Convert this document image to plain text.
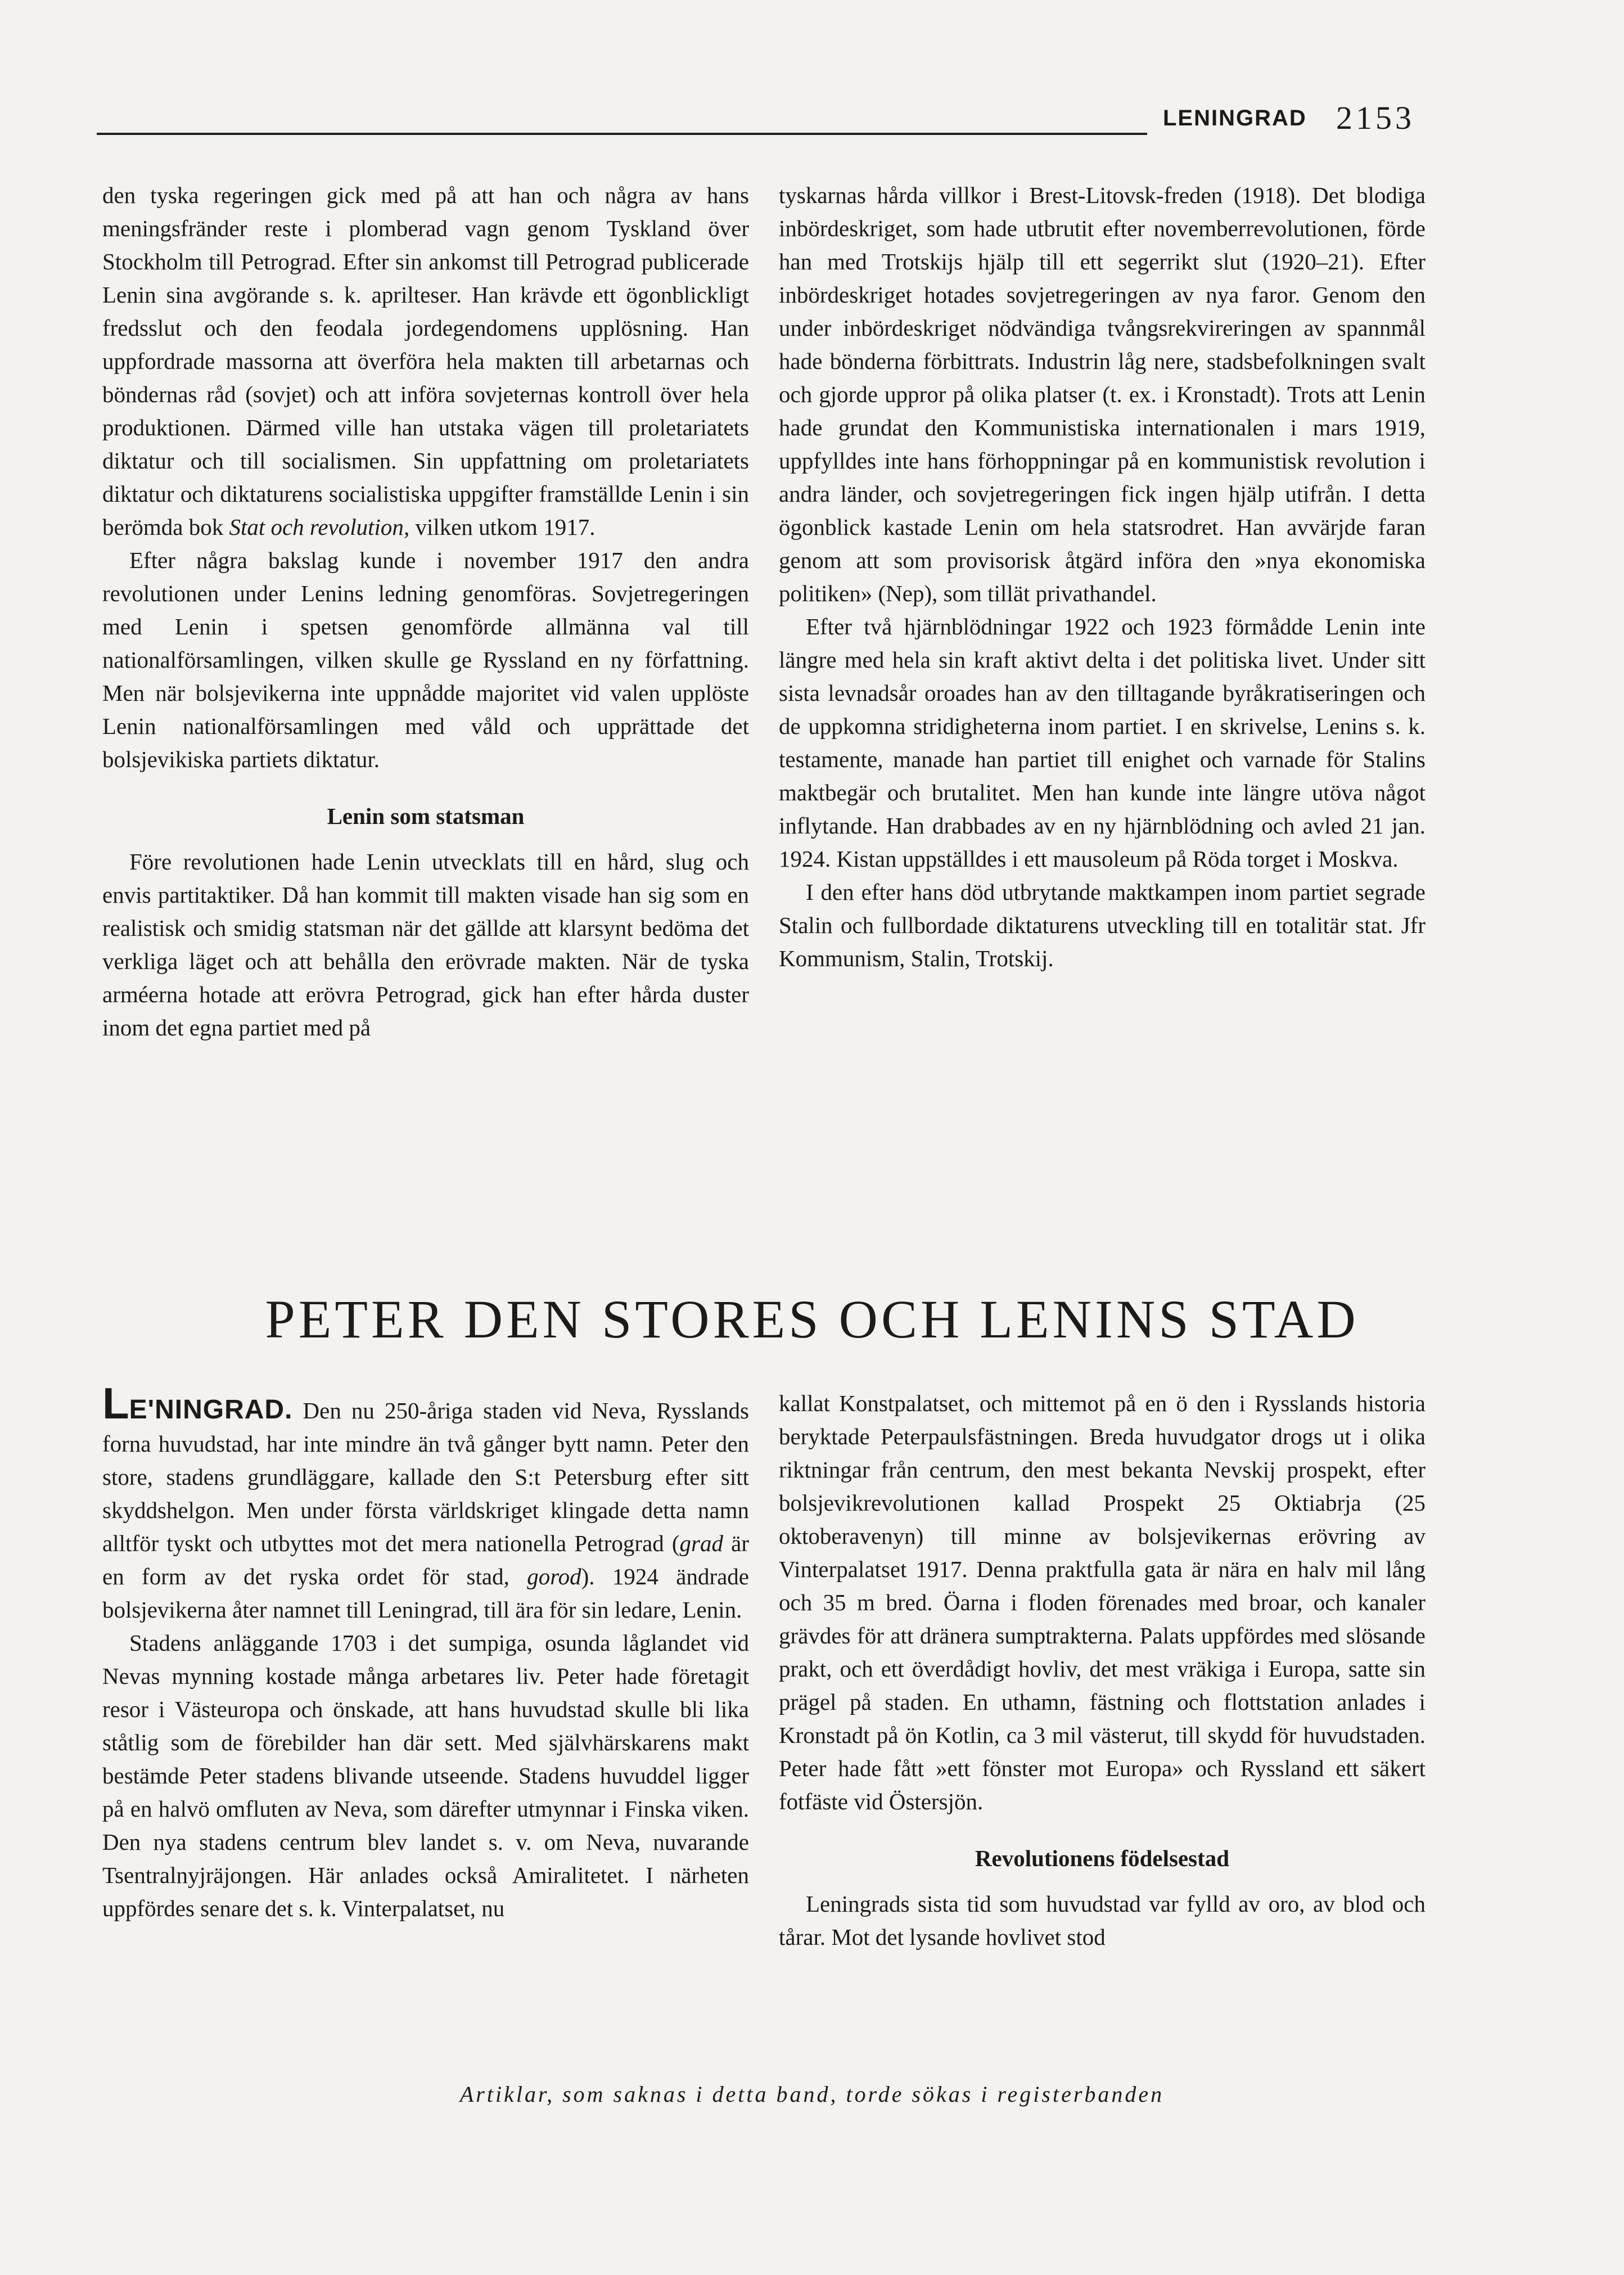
LENINGRAD 2153

den tyska regeringen gick med på att han och några av hans meningsfränder reste i plomberad vagn genom Tyskland över Stockholm till Petrograd. Efter sin ankomst till Petrograd publicerade Lenin sina avgörande s. k. aprilteser. Han krävde ett ögonblickligt fredsslut och den feodala jordegendomens upplösning. Han uppfordrade massorna att överföra hela makten till arbetarnas och böndernas råd (sovjet) och att införa sovjeternas kontroll över hela produktionen. Därmed ville han utstaka vägen till proletariatets diktatur och till socialismen. Sin uppfattning om proletariatets diktatur och diktaturens socialistiska uppgifter framställde Lenin i sin berömda bok Stat och revolution, vilken utkom 1917.

Efter några bakslag kunde i november 1917 den andra revolutionen under Lenins ledning genomföras. Sovjetregeringen med Lenin i spetsen genomförde allmänna val till nationalförsamlingen, vilken skulle ge Ryssland en ny författning. Men när bolsjevikerna inte uppnådde majoritet vid valen upplöste Lenin nationalförsamlingen med våld och upprättade det bolsjevikiska partiets diktatur.

Lenin som statsman

Före revolutionen hade Lenin utvecklats till en hård, slug och envis partitaktiker. Då han kommit till makten visade han sig som en realistisk och smidig statsman när det gällde att klarsynt bedöma det verkliga läget och att behålla den erövrade makten. När de tyska arméerna hotade att erövra Petrograd, gick han efter hårda duster inom det egna partiet med på

tyskarnas hårda villkor i Brest-Litovsk-freden (1918). Det blodiga inbördeskriget, som hade utbrutit efter novemberrevolutionen, förde han med Trotskijs hjälp till ett segerrikt slut (1920–21). Efter inbördeskriget hotades sovjetregeringen av nya faror. Genom den under inbördeskriget nödvändiga tvångsrekvireringen av spannmål hade bönderna förbittrats. Industrin låg nere, stadsbefolkningen svalt och gjorde uppror på olika platser (t. ex. i Kronstadt). Trots att Lenin hade grundat den Kommunistiska internationalen i mars 1919, uppfylldes inte hans förhoppningar på en kommunistisk revolution i andra länder, och sovjetregeringen fick ingen hjälp utifrån. I detta ögonblick kastade Lenin om hela statsrodret. Han avvärjde faran genom att som provisorisk åtgärd införa den »nya ekonomiska politiken» (Nep), som tillät privathandel.

Efter två hjärnblödningar 1922 och 1923 förmådde Lenin inte längre med hela sin kraft aktivt delta i det politiska livet. Under sitt sista levnadsår oroades han av den tilltagande byråkratiseringen och de uppkomna stridigheterna inom partiet. I en skrivelse, Lenins s. k. testamente, manade han partiet till enighet och varnade för Stalins maktbegär och brutalitet. Men han kunde inte längre utöva något inflytande. Han drabbades av en ny hjärnblödning och avled 21 jan. 1924. Kistan uppställdes i ett mausoleum på Röda torget i Moskva.

I den efter hans död utbrytande maktkampen inom partiet segrade Stalin och fullbordade diktaturens utveckling till en totalitär stat. Jfr Kommunism, Stalin, Trotskij.

PETER DEN STORES OCH LENINS STAD

LE'NINGRAD. Den nu 250-åriga staden vid Neva, Rysslands forna huvudstad, har inte mindre än två gånger bytt namn. Peter den store, stadens grundläggare, kallade den S:t Petersburg efter sitt skyddshelgon. Men under första världskriget klingade detta namn alltför tyskt och utbyttes mot det mera nationella Petrograd (grad är en form av det ryska ordet för stad, gorod). 1924 ändrade bolsjevikerna åter namnet till Leningrad, till ära för sin ledare, Lenin.

Stadens anläggande 1703 i det sumpiga, osunda låglandet vid Nevas mynning kostade många arbetares liv. Peter hade företagit resor i Västeuropa och önskade, att hans huvudstad skulle bli lika ståtlig som de förebilder han där sett. Med självhärskarens makt bestämde Peter stadens blivande utseende. Stadens huvuddel ligger på en halvö omfluten av Neva, som därefter utmynnar i Finska viken. Den nya stadens centrum blev landet s. v. om Neva, nuvarande Tsentralnyjräjongen. Här anlades också Amiralitetet. I närheten uppfördes senare det s. k. Vinterpalatset, nu

kallat Konstpalatset, och mittemot på en ö den i Rysslands historia beryktade Peterpaulsfästningen. Breda huvudgator drogs ut i olika riktningar från centrum, den mest bekanta Nevskij prospekt, efter bolsjevikrevolutionen kallad Prospekt 25 Oktiabrja (25 oktoberavenyn) till minne av bolsjevikernas erövring av Vinterpalatset 1917. Denna praktfulla gata är nära en halv mil lång och 35 m bred. Öarna i floden förenades med broar, och kanaler grävdes för att dränera sumptrakterna. Palats uppfördes med slösande prakt, och ett överdådigt hovliv, det mest vräkiga i Europa, satte sin prägel på staden. En uthamn, fästning och flottstation anlades i Kronstadt på ön Kotlin, ca 3 mil västerut, till skydd för huvudstaden. Peter hade fått »ett fönster mot Europa» och Ryssland ett säkert fotfäste vid Östersjön.

Revolutionens födelsestad

Leningrads sista tid som huvudstad var fylld av oro, av blod och tårar. Mot det lysande hovlivet stod

Artiklar, som saknas i detta band, torde sökas i registerbanden
